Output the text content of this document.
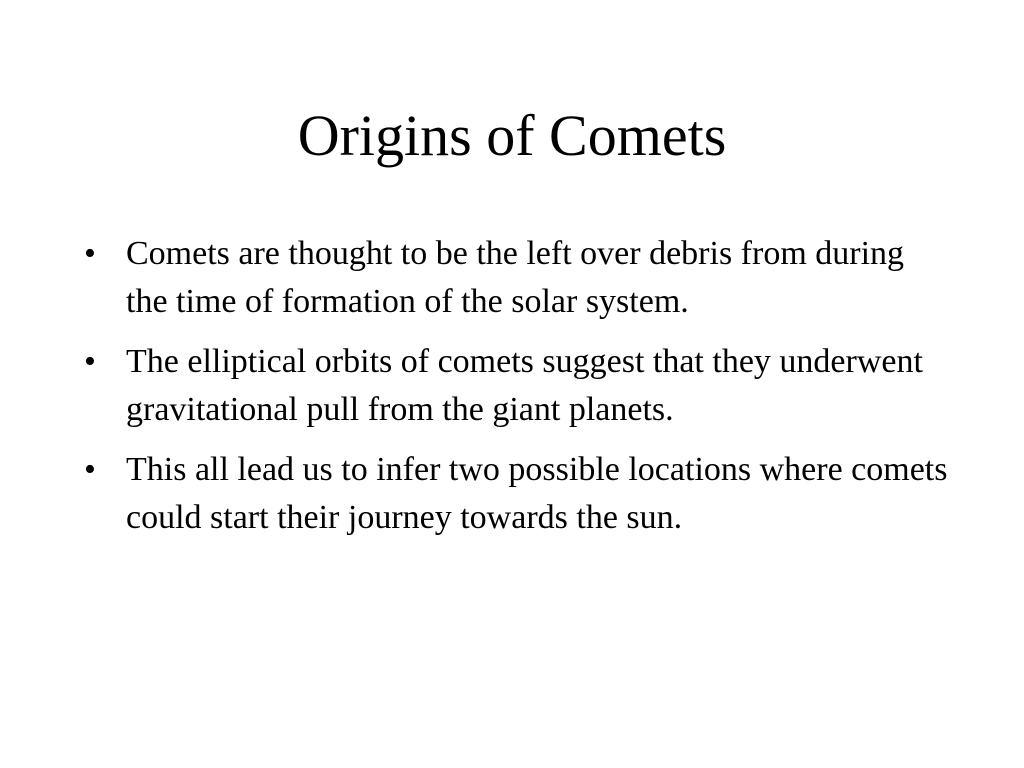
Origins of Comets
• Comets are thought to be the left over debris from during the time of formation of the solar system.
• The elliptical orbits of comets suggest that they underwent gravitational pull from the giant planets.
• This all lead us to infer two possible locations where comets could start their journey towards the sun.
